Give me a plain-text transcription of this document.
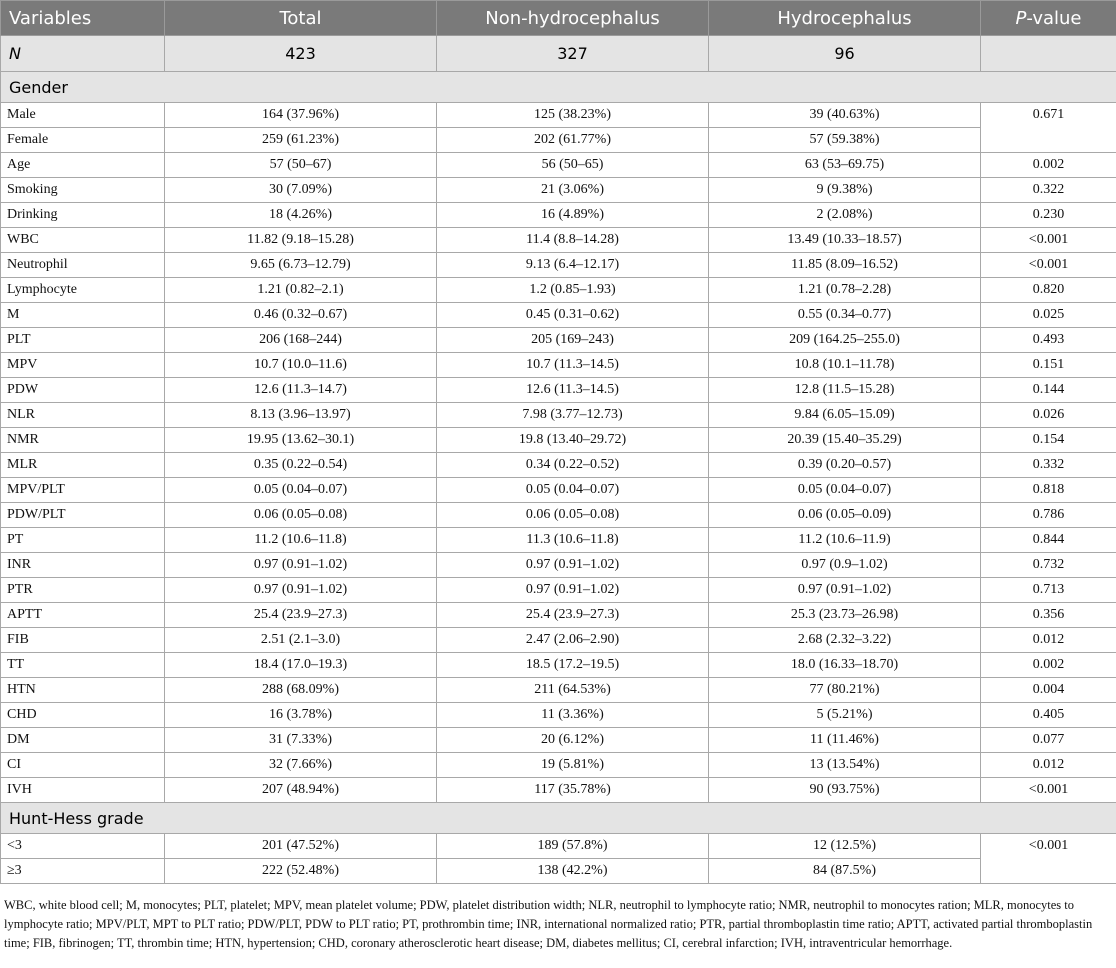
Variables	Total	Non-hydrocephalus	Hydrocephalus	P-value
N	423	327	96	
Gender				
Male	164 (37.96%)	125 (38.23%)	39 (40.63%)	0.671
Female	259 (61.23%)	202 (61.77%)	57 (59.38%)	
Age	57 (50–67)	56 (50–65)	63 (53–69.75)	0.002
Smoking	30 (7.09%)	21 (3.06%)	9 (9.38%)	0.322
Drinking	18 (4.26%)	16 (4.89%)	2 (2.08%)	0.230
WBC	11.82 (9.18–15.28)	11.4 (8.8–14.28)	13.49 (10.33–18.57)	<0.001
Neutrophil	9.65 (6.73–12.79)	9.13 (6.4–12.17)	11.85 (8.09–16.52)	<0.001
Lymphocyte	1.21 (0.82–2.1)	1.2 (0.85–1.93)	1.21 (0.78–2.28)	0.820
M	0.46 (0.32–0.67)	0.45 (0.31–0.62)	0.55 (0.34–0.77)	0.025
PLT	206 (168–244)	205 (169–243)	209 (164.25–255.0)	0.493
MPV	10.7 (10.0–11.6)	10.7 (11.3–14.5)	10.8 (10.1–11.78)	0.151
PDW	12.6 (11.3–14.7)	12.6 (11.3–14.5)	12.8 (11.5–15.28)	0.144
NLR	8.13 (3.96–13.97)	7.98 (3.77–12.73)	9.84 (6.05–15.09)	0.026
NMR	19.95 (13.62–30.1)	19.8 (13.40–29.72)	20.39 (15.40–35.29)	0.154
MLR	0.35 (0.22–0.54)	0.34 (0.22–0.52)	0.39 (0.20–0.57)	0.332
MPV/PLT	0.05 (0.04–0.07)	0.05 (0.04–0.07)	0.05 (0.04–0.07)	0.818
PDW/PLT	0.06 (0.05–0.08)	0.06 (0.05–0.08)	0.06 (0.05–0.09)	0.786
PT	11.2 (10.6–11.8)	11.3 (10.6–11.8)	11.2 (10.6–11.9)	0.844
INR	0.97 (0.91–1.02)	0.97 (0.91–1.02)	0.97 (0.9–1.02)	0.732
PTR	0.97 (0.91–1.02)	0.97 (0.91–1.02)	0.97 (0.91–1.02)	0.713
APTT	25.4 (23.9–27.3)	25.4 (23.9–27.3)	25.3 (23.73–26.98)	0.356
FIB	2.51 (2.1–3.0)	2.47 (2.06–2.90)	2.68 (2.32–3.22)	0.012
TT	18.4 (17.0–19.3)	18.5 (17.2–19.5)	18.0 (16.33–18.70)	0.002
HTN	288 (68.09%)	211 (64.53%)	77 (80.21%)	0.004
CHD	16 (3.78%)	11 (3.36%)	5 (5.21%)	0.405
DM	31 (7.33%)	20 (6.12%)	11 (11.46%)	0.077
CI	32 (7.66%)	19 (5.81%)	13 (13.54%)	0.012
IVH	207 (48.94%)	117 (35.78%)	90 (93.75%)	<0.001
Hunt-Hess grade				
<3	201 (47.52%)	189 (57.8%)	12 (12.5%)	<0.001
≥3	222 (52.48%)	138 (42.2%)	84 (87.5%)	

WBC, white blood cell; M, monocytes; PLT, platelet; MPV, mean platelet volume; PDW, platelet distribution width; NLR, neutrophil to lymphocyte ratio; NMR, neutrophil to monocytes ration; MLR, monocytes to lymphocyte ratio; MPV/PLT, MPT to PLT ratio; PDW/PLT, PDW to PLT ratio; PT, prothrombin time; INR, international normalized ratio; PTR, partial thromboplastin time ratio; APTT, activated partial thromboplastin time; FIB, fibrinogen; TT, thrombin time; HTN, hypertension; CHD, coronary atherosclerotic heart disease; DM, diabetes mellitus; CI, cerebral infarction; IVH, intraventricular hemorrhage.
